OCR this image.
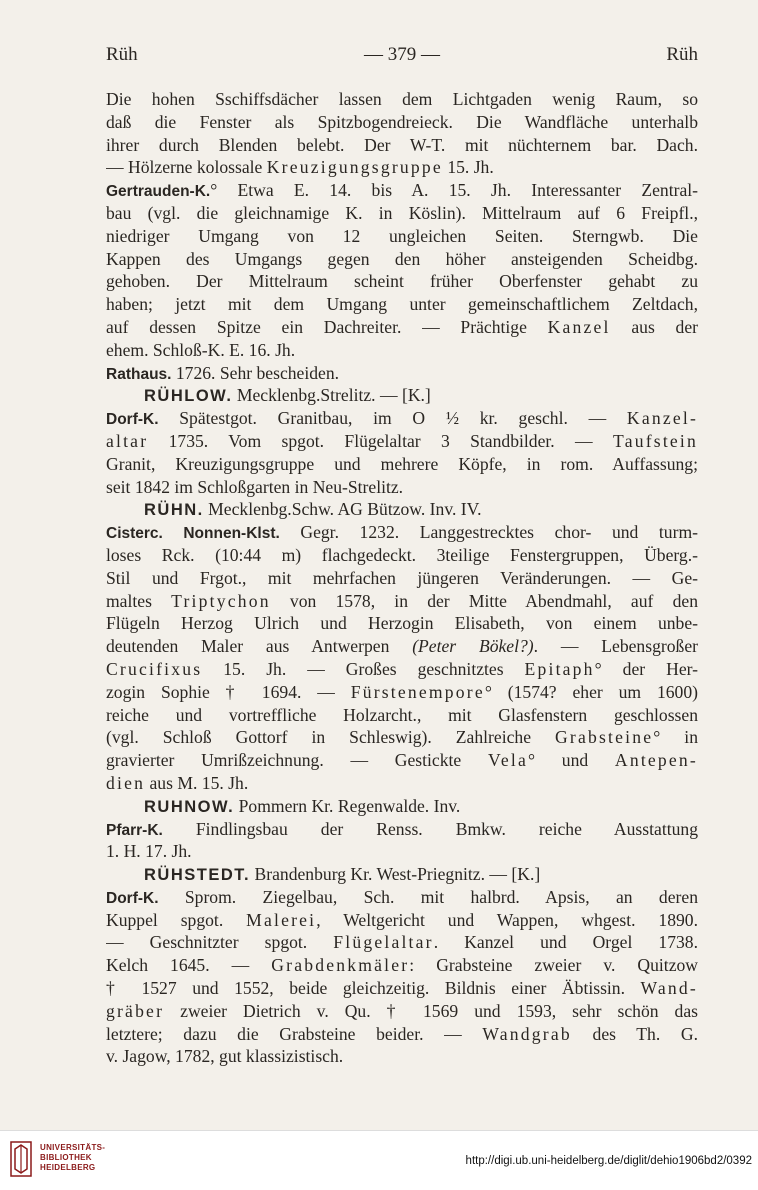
Rüh	— 379 —	Rüh
Die hohen Sschiffsdächer lassen dem Lichtgaden wenig Raum, so
daß die Fenster als Spitzbogendreieck. Die Wandfläche unterhalb
ihrer durch Blenden belebt. Der W-T. mit nüchternem bar. Dach.
— Hölzerne kolossale Kreuzigungsgruppe 15. Jh.
Gertrauden-K.° Etwa E. 14. bis A. 15. Jh. Interessanter Zentral-
bau (vgl. die gleichnamige K. in Köslin). Mittelraum auf 6 Freipfl.,
niedriger Umgang von 12 ungleichen Seiten. Sterngwb. Die
Kappen des Umgangs gegen den höher ansteigenden Scheidbg.
gehoben. Der Mittelraum scheint früher Oberfenster gehabt zu
haben; jetzt mit dem Umgang unter gemeinschaftlichem Zeltdach,
auf dessen Spitze ein Dachreiter. — Prächtige Kanzel aus der
ehem. Schloß-K. E. 16. Jh.
Rathaus. 1726. Sehr bescheiden.
RÜHLOW. Mecklenbg.Strelitz. — [K.]
Dorf-K. Spätestgot. Granitbau, im O ½ kr. geschl. — Kanzel-
altar 1735. Vom spgot. Flügelaltar 3 Standbilder. — Taufstein
Granit, Kreuzigungsgruppe und mehrere Köpfe, in rom. Auffassung;
seit 1842 im Schloßgarten in Neu-Strelitz.
RÜHN. Mecklenbg.Schw. AG Bützow. Inv. IV.
Cisterc. Nonnen-Klst. Gegr. 1232. Langgestrecktes chor- und turm-
loses Rck. (10:44 m) flachgedeckt. 3teilige Fenstergruppen, Überg.-
Stil und Frgot., mit mehrfachen jüngeren Veränderungen. — Ge-
maltes Triptychon von 1578, in der Mitte Abendmahl, auf den
Flügeln Herzog Ulrich und Herzogin Elisabeth, von einem unbe-
deutenden Maler aus Antwerpen (Peter Bökel?). — Lebensgroßer
Crucifixus 15. Jh. — Großes geschnitztes Epitaph° der Her-
zogin Sophie † 1694. — Fürstenempore° (1574? eher um 1600)
reiche und vortreffliche Holzarcht., mit Glasfenstern geschlossen
(vgl. Schloß Gottorf in Schleswig). Zahlreiche Grabsteine° in
gravierter Umrißzeichnung. — Gestickte Vela° und Antepen-
dien aus M. 15. Jh.
RUHNOW. Pommern Kr. Regenwalde. Inv.
Pfarr-K. Findlingsbau der Renss. Bmkw. reiche Ausstattung
1. H. 17. Jh.
RÜHSTEDT. Brandenburg Kr. West-Priegnitz. — [K.]
Dorf-K. Sprom. Ziegelbau, Sch. mit halbrd. Apsis, an deren
Kuppel spgot. Malerei, Weltgericht und Wappen, whgest. 1890.
— Geschnitzter spgot. Flügelaltar. Kanzel und Orgel 1738.
Kelch 1645. — Grabdenkmäler: Grabsteine zweier v. Quitzow
† 1527 und 1552, beide gleichzeitig. Bildnis einer Äbtissin. Wand-
gräber zweier Dietrich v. Qu. † 1569 und 1593, sehr schön das
letztere; dazu die Grabsteine beider. — Wandgrab des Th. G.
v. Jagow, 1782, gut klassizistisch.
UNIVERSITÄTS-
BIBLIOTHEK
HEIDELBERG
http://digi.ub.uni-heidelberg.de/diglit/dehio1906bd2/0392
